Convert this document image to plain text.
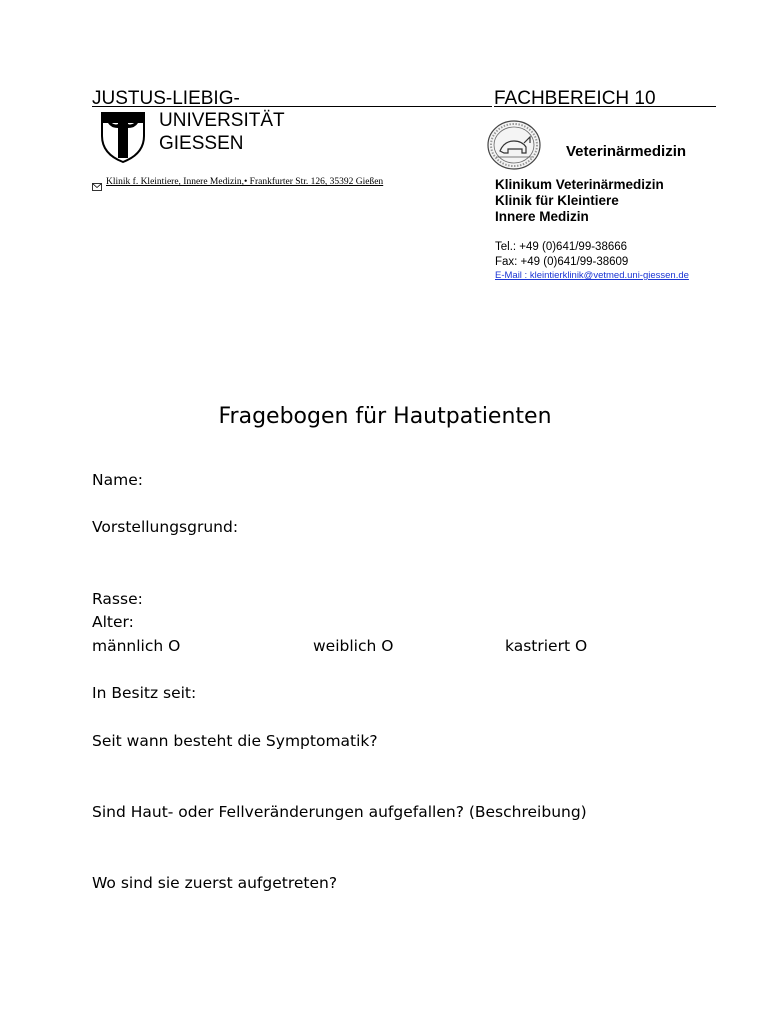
JUSTUS-LIEBIG-	FACHBEREICH 10
UNIVERSITÄT
GIESSEN	Veterinärmedizin
Klinik f. Kleintiere, Innere Medizin,• Frankfurter Str. 126, 35392 Gießen	Klinikum Veterinärmedizin
Klinik für Kleintiere
Innere Medizin
Tel.: +49 (0)641/99-38666
Fax: +49 (0)641/99-38609
E-Mail : kleintierklinik@vetmed.uni-giessen.de
Fragebogen für Hautpatienten
Name:
Vorstellungsgrund:
Rasse:
Alter:
männlich O	weiblich O	kastriert O
In Besitz seit:
Seit wann besteht die Symptomatik?
Sind Haut- oder Fellveränderungen aufgefallen? (Beschreibung)
Wo sind sie zuerst aufgetreten?
